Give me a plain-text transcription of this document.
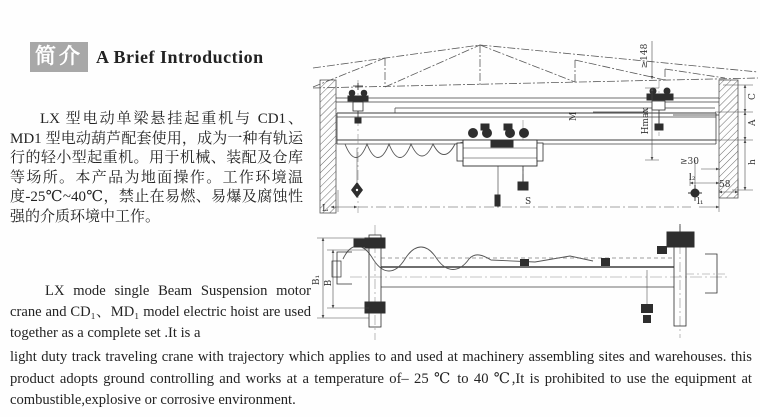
简介 A Brief Introduction

LX 型电动单梁悬挂起重机与 CD1、MD1 型电动葫芦配套使用，成为一种有轨运行的轻小型起重机。用于机械、装配及仓库等场所。本产品为地面操作。工作环境温度-25℃~40℃，禁止在易燃、易爆及腐蚀性强的介质环境中工作。

LX mode single Beam Suspension motor crane and CD₁、MD₁ model electric hoist are used together as a complete set .It is a

light duty track traveling crane with trajectory which applies to and used at machinery assembling sites and warehouses. this product adopts ground controlling and works at a temperature of– 25 ℃ to 40 ℃,It is prohibited to use the equipment at combustible,explosive or corrosive environment.

L
S	l₁
l₂
≥30
58
C
A
h
Hmax
≥148
M
B₁ B
